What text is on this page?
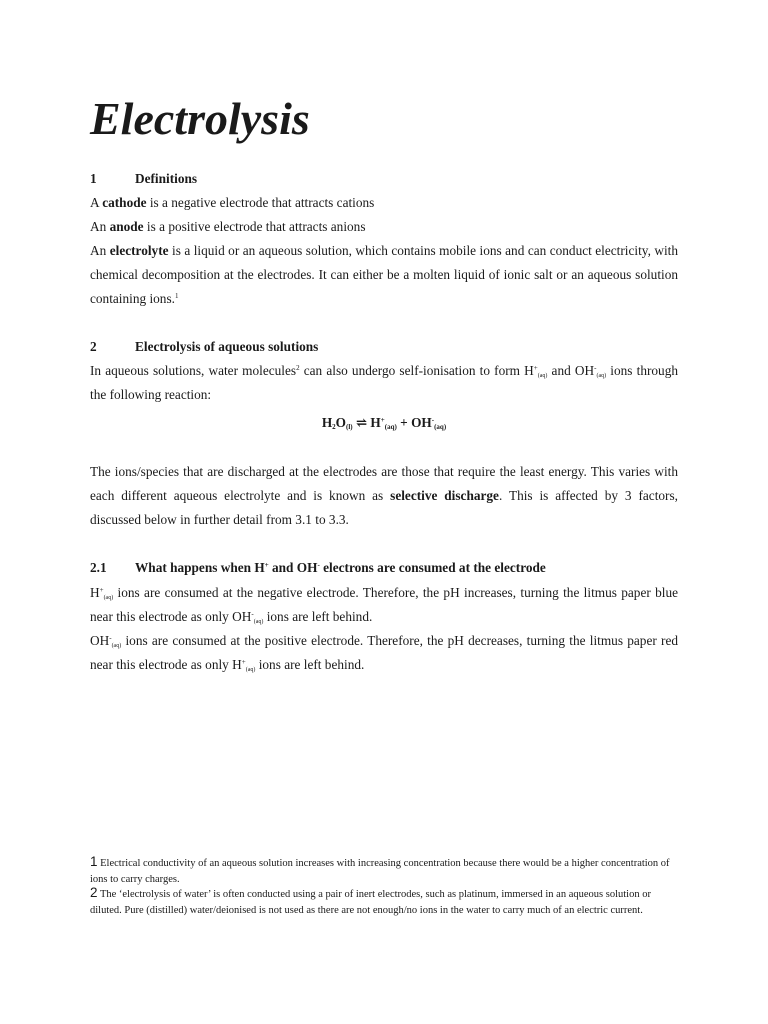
Electrolysis
1	Definitions
A cathode is a negative electrode that attracts cations
An anode is a positive electrode that attracts anions
An electrolyte is a liquid or an aqueous solution, which contains mobile ions and can conduct electricity, with chemical decomposition at the electrodes. It can either be a molten liquid of ionic salt or an aqueous solution containing ions.$^1$
2	Electrolysis of aqueous solutions
In aqueous solutions, water molecules$^2$ can also undergo self-ionisation to form $H^+_{(aq)}$ and $OH^-_{(aq)}$ ions through the following reaction:
$H_2O_{(l)}$ ⇌ $H^+_{(aq)} + OH^-_{(aq)}$
The ions/species that are discharged at the electrodes are those that require the least energy. This varies with each different aqueous electrolyte and is known as selective discharge. This is affected by 3 factors, discussed below in further detail from 3.1 to 3.3.
2.1 What happens when H+ and OH- electrons are consumed at the electrode
$H^+_{(aq)}$ ions are consumed at the negative electrode. Therefore, the pH increases, turning the litmus paper blue near this electrode as only $OH^-_{(aq)}$ ions are left behind.
$OH^-_{(aq)}$ ions are consumed at the positive electrode. Therefore, the pH decreases, turning the litmus paper red near this electrode as only $H^+_{(aq)}$ ions are left behind.
1 Electrical conductivity of an aqueous solution increases with increasing concentration because there would be a higher concentration of ions to carry charges.
2 The ‘electrolysis of water’ is often conducted using a pair of inert electrodes, such as platinum, immersed in an aqueous solution or diluted. Pure (distilled) water/deionised is not used as there are not enough/no ions in the water to carry much of an electric current.
